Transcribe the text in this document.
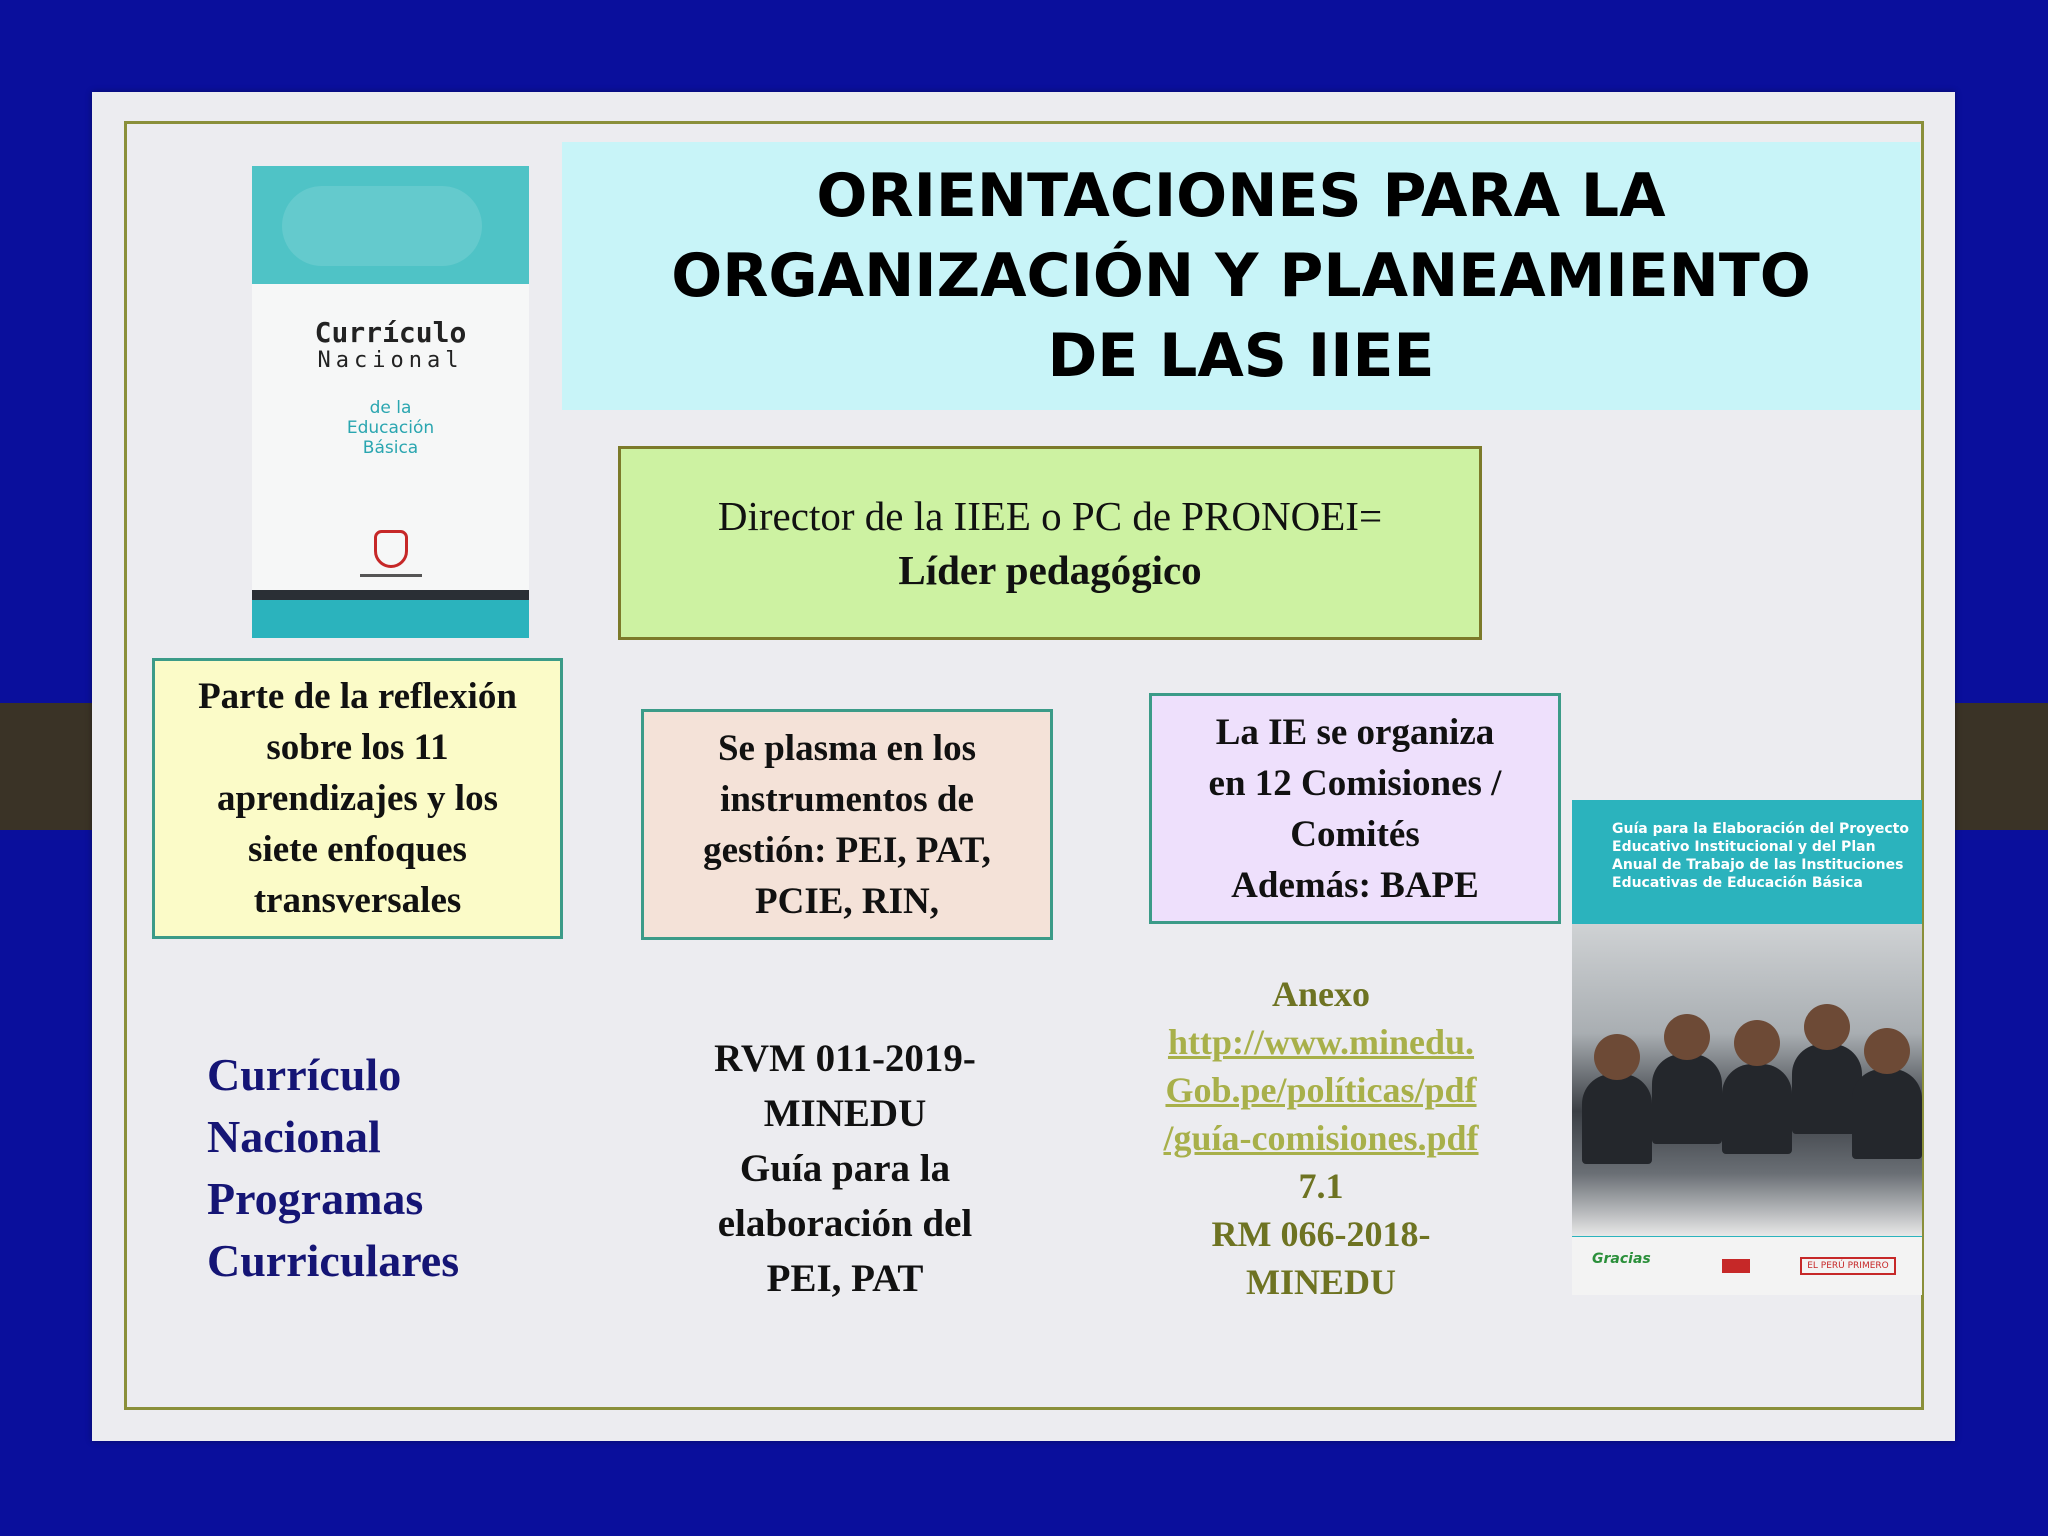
ORIENTACIONES PARA LA
ORGANIZACIÓN Y PLANEAMIENTO
DE LAS IIEE
Currículo
Nacional
de la
Educación
Básica
Director de la IIEE o PC de PRONOEI=
Líder pedagógico
Parte de la reflexión
sobre los 11
aprendizajes y los
siete enfoques
transversales
Se plasma en los
instrumentos de
gestión: PEI, PAT,
PCIE, RIN,
La IE se organiza
en 12 Comisiones /
Comités
Además: BAPE
Currículo
Nacional
Programas
Curriculares
RVM 011-2019-
MINEDU
Guía para la
elaboración del
PEI, PAT
Anexo
http://www.minedu.
Gob.pe/políticas/pdf
/guía-comisiones.pdf
7.1
RM 066-2018-
MINEDU
Guía para la Elaboración del Proyecto Educativo Institucional y del Plan Anual de Trabajo de las Instituciones Educativas de Educación Básica
Gracias	EL PERÚ PRIMERO
